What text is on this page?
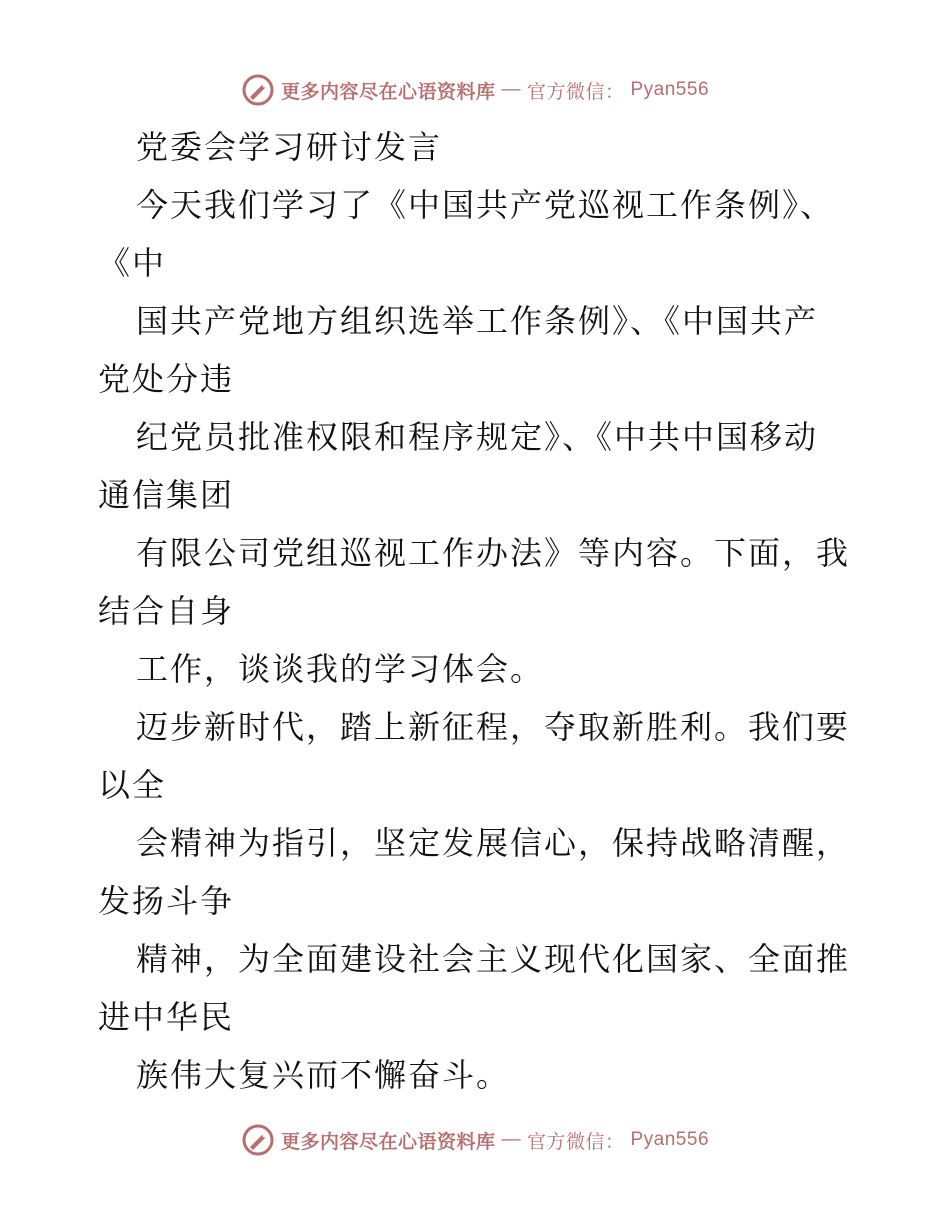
更多内容尽在心语资料库 — 官方微信： Pyan556
党委会学习研讨发言
今天我们学习了《中国共产党巡视工作条例》、
《中
国共产党地方组织选举工作条例》、《中国共产
党处分违
纪党员批准权限和程序规定》、《中共中国移动
通信集团
有限公司党组巡视工作办法》等内容。下面，我
结合自身
工作，谈谈我的学习体会。
迈步新时代，踏上新征程，夺取新胜利。我们要
以全
会精神为指引，坚定发展信心，保持战略清醒，
发扬斗争
精神，为全面建设社会主义现代化国家、全面推
进中华民
族伟大复兴而不懈奋斗。
更多内容尽在心语资料库 — 官方微信： Pyan556
